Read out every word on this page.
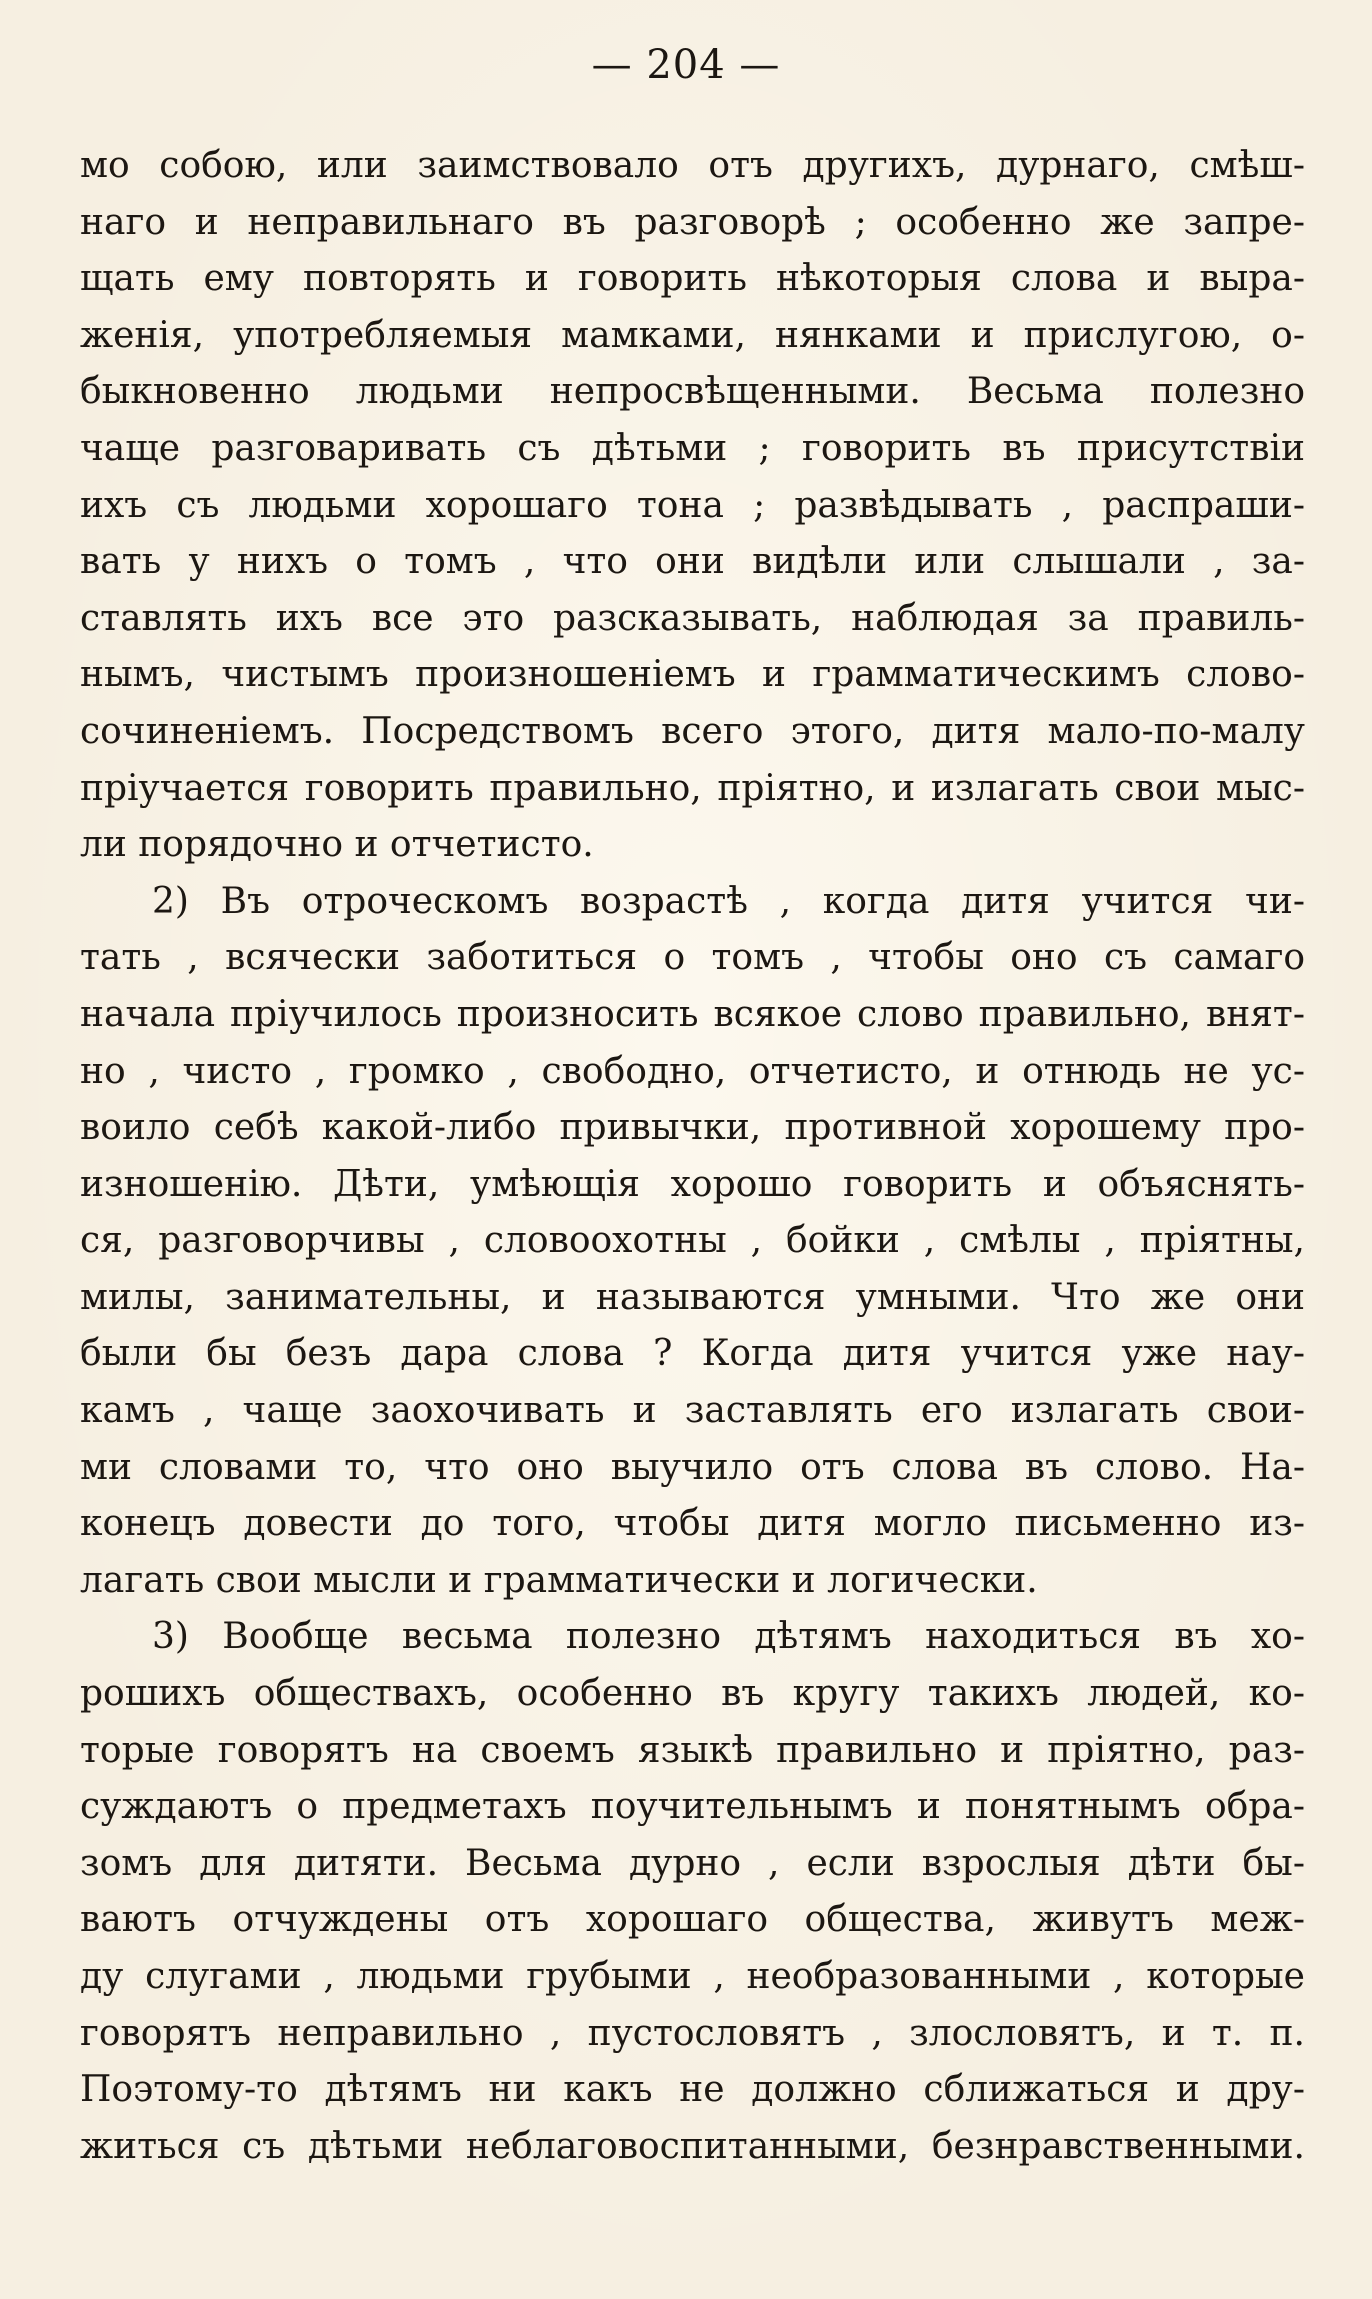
— 204 —
мо собою, или заимствовало отъ другихъ, дурнаго, смѣш-
наго и неправильнаго въ разговорѣ ; особенно же запре-
щать ему повторять и говорить нѣкоторыя слова и выра-
женія, употребляемыя мамками, нянками и прислугою, о-
быкновенно людьми непросвѣщенными. Весьма полезно
чаще разговаривать съ дѣтьми ; говорить въ присутствіи
ихъ съ людьми хорошаго тона ; развѣдывать , распраши-
вать у нихъ о томъ , что они видѣли или слышали , за-
ставлять ихъ все это разсказывать, наблюдая за правиль-
нымъ, чистымъ произношеніемъ и грамматическимъ слово-
сочиненіемъ. Посредствомъ всего этого, дитя мало-по-малу
пріучается говорить правильно, пріятно, и излагать свои мыс-
ли порядочно и отчетисто.
2) Въ отроческомъ возрастѣ , когда дитя учится чи-
тать , всячески заботиться о томъ , чтобы оно съ самаго
начала пріучилось произносить всякое слово правильно, внят-
но , чисто , громко , свободно, отчетисто, и отнюдь не ус-
воило себѣ какой-либо привычки, противной хорошему про-
изношенію. Дѣти, умѣющія хорошо говорить и объяснять-
ся, разговорчивы , словоохотны , бойки , смѣлы , пріятны,
милы, занимательны, и называются умными. Что же они
были бы безъ дара слова ? Когда дитя учится уже нау-
камъ , чаще заохочивать и заставлять его излагать свои-
ми словами то, что оно выучило отъ слова въ слово. На-
конецъ довести до того, чтобы дитя могло письменно из-
лагать свои мысли и грамматически и логически.
3) Вообще весьма полезно дѣтямъ находиться въ хо-
рошихъ обществахъ, особенно въ кругу такихъ людей, ко-
торые говорятъ на своемъ языкѣ правильно и пріятно, раз-
суждаютъ о предметахъ поучительнымъ и понятнымъ обра-
зомъ для дитяти. Весьма дурно , если взрослыя дѣти бы-
ваютъ отчуждены отъ хорошаго общества, живутъ меж-
ду слугами , людьми грубыми , необразованными , которые
говорятъ неправильно , пустословятъ , злословятъ, и т. п.
Поэтому-то дѣтямъ ни какъ не должно сближаться и дру-
житься съ дѣтьми неблаговоспитанными, безнравственными.
